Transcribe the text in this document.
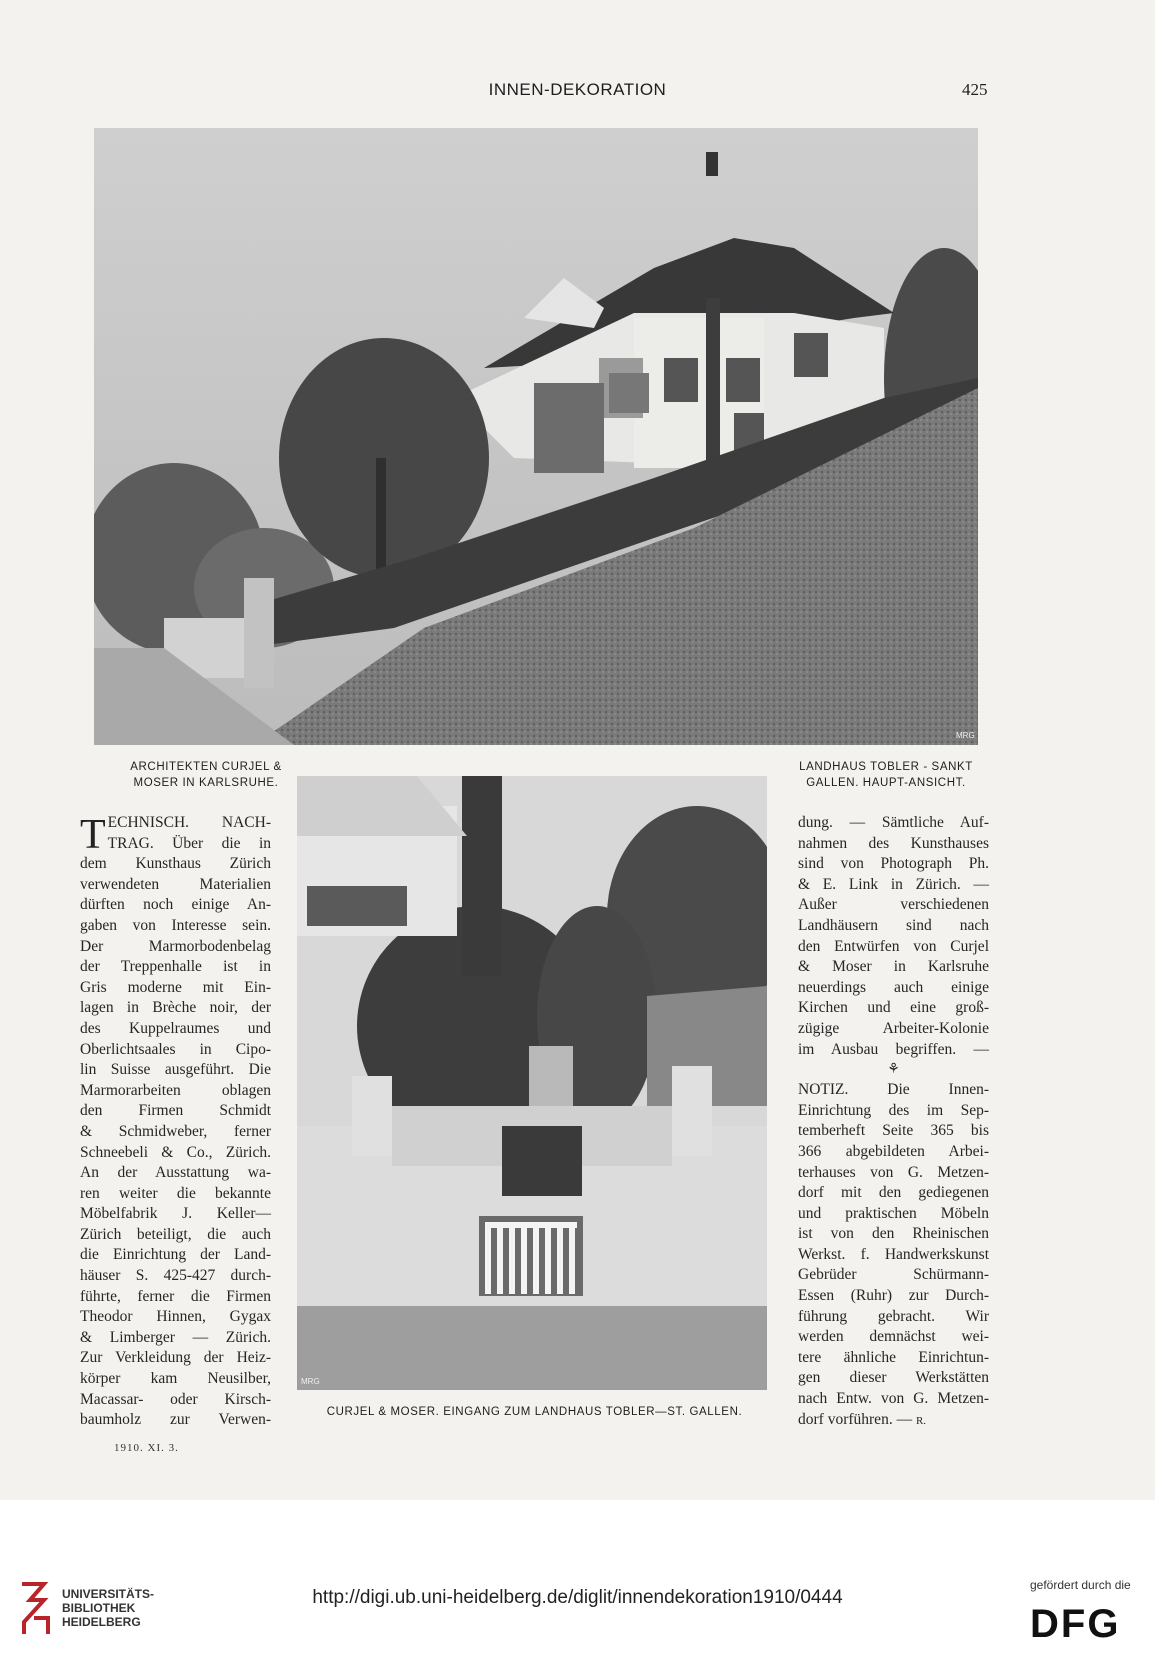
INNEN-DEKORATION	425
MRG
ARCHITEKTEN CURJEL &
MOSER IN KARLSRUHE.
LANDHAUS TOBLER - SANKT
GALLEN. HAUPT-ANSICHT.
MRG
CURJEL & MOSER. EINGANG ZUM LANDHAUS TOBLER—ST. GALLEN.
T ECHNISCH. NACH-
TRAG. Über die in
dem Kunsthaus Zürich
verwendeten Materialien
dürften noch einige An-
gaben von Interesse sein.
Der Marmorbodenbelag
der Treppenhalle ist in
Gris moderne mit Ein-
lagen in Brèche noir, der
des Kuppelraumes und
Oberlichtsaales in Cipo-
lin Suisse ausgeführt. Die
Marmorarbeiten oblagen
den Firmen Schmidt
& Schmidweber, ferner
Schneebeli & Co., Zürich.
An der Ausstattung wa-
ren weiter die bekannte
Möbelfabrik J. Keller—
Zürich beteiligt, die auch
die Einrichtung der Land-
häuser S. 425-427 durch-
führte, ferner die Firmen
Theodor Hinnen, Gygax
& Limberger — Zürich.
Zur Verkleidung der Heiz-
körper kam Neusilber,
Macassar- oder Kirsch-
baumholz zur Verwen-
dung. — Sämtliche Auf-
nahmen des Kunsthauses
sind von Photograph Ph.
& E. Link in Zürich. —
Außer verschiedenen
Landhäusern sind nach
den Entwürfen von Curjel
& Moser in Karlsruhe
neuerdings auch einige
Kirchen und eine groß-
zügige Arbeiter-Kolonie
im Ausbau begriffen. —
⚘
NOTIZ. Die Innen-
Einrichtung des im Sep-
temberheft Seite 365 bis
366 abgebildeten Arbei-
terhauses von G. Metzen-
dorf mit den gediegenen
und praktischen Möbeln
ist von den Rheinischen
Werkst. f. Handwerkskunst
Gebrüder Schürmann-
Essen (Ruhr) zur Durch-
führung gebracht. Wir
werden demnächst wei-
tere ähnliche Einrichtun-
gen dieser Werkstätten
nach Entw. von G. Metzen-
dorf vorführen. — R.
1910. XI. 3.
UNIVERSITÄTS-
BIBLIOTHEK
HEIDELBERG
http://digi.ub.uni-heidelberg.de/diglit/innendekoration1910/0444
gefördert durch die
DFG
